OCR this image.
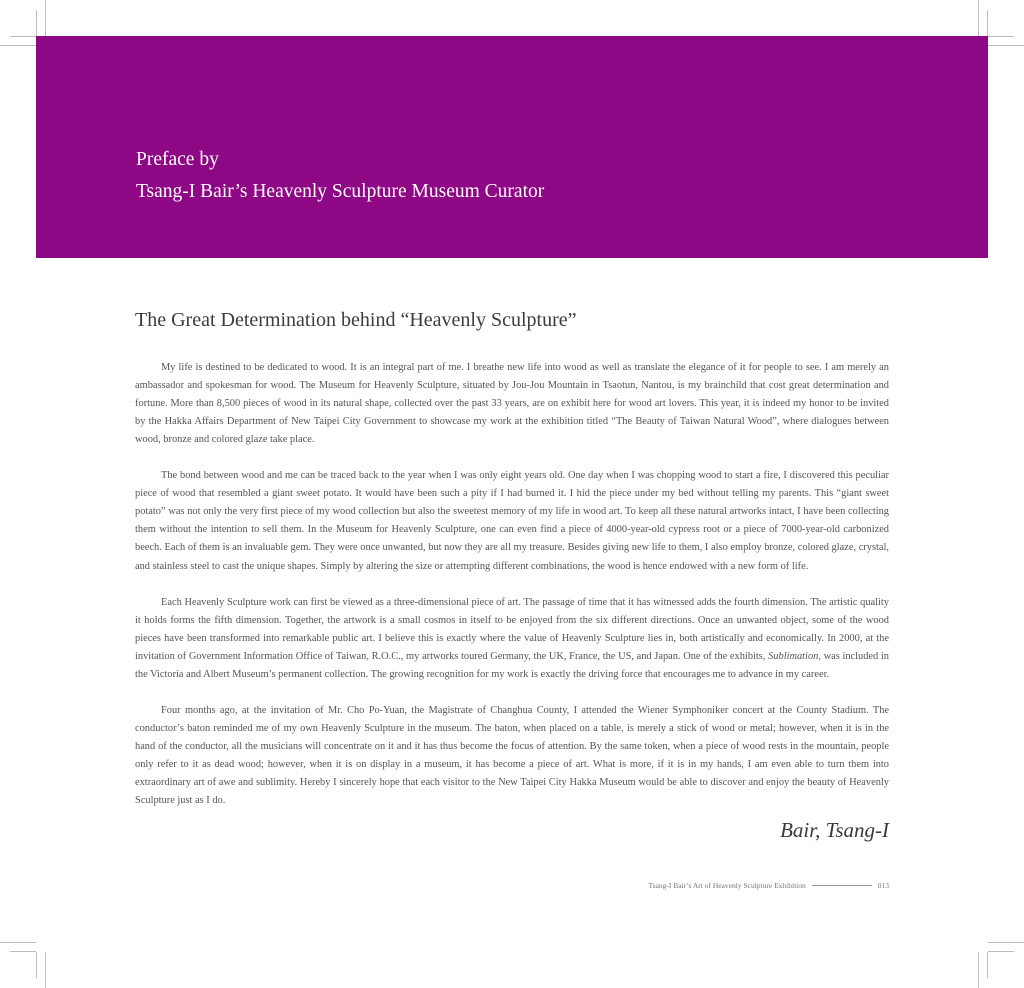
Preface by
Tsang-I Bair’s Heavenly Sculpture Museum Curator
The Great Determination behind “Heavenly Sculpture”

My life is destined to be dedicated to wood. It is an integral part of me. I breathe new life into wood as well as translate the elegance of it for people to see. I am merely an ambassador and spokesman for wood. The Museum for Heavenly Sculpture, situated by Jou-Jou Mountain in Tsaotun, Nantou, is my brainchild that cost great determination and fortune. More than 8,500 pieces of wood in its natural shape, collected over the past 33 years, are on exhibit here for wood art lovers. This year, it is indeed my honor to be invited by the Hakka Affairs Department of New Taipei City Government to showcase my work at the exhibition titled “The Beauty of Taiwan Natural Wood”, where dialogues between wood, bronze and colored glaze take place.

The bond between wood and me can be traced back to the year when I was only eight years old. One day when I was chopping wood to start a fire, I discovered this peculiar piece of wood that resembled a giant sweet potato. It would have been such a pity if I had burned it. I hid the piece under my bed without telling my parents. This “giant sweet potato” was not only the very first piece of my wood collection but also the sweetest memory of my life in wood art. To keep all these natural artworks intact, I have been collecting them without the intention to sell them. In the Museum for Heavenly Sculpture, one can even find a piece of 4000-year-old cypress root or a piece of 7000-year-old carbonized beech. Each of them is an invaluable gem. They were once unwanted, but now they are all my treasure. Besides giving new life to them, I also employ bronze, colored glaze, crystal, and stainless steel to cast the unique shapes. Simply by altering the size or attempting different combinations, the wood is hence endowed with a new form of life.

Each Heavenly Sculpture work can first be viewed as a three-dimensional piece of art. The passage of time that it has witnessed adds the fourth dimension. The artistic quality it holds forms the fifth dimension. Together, the artwork is a small cosmos in itself to be enjoyed from the six different directions. Once an unwanted object, some of the wood pieces have been transformed into remarkable public art. I believe this is exactly where the value of Heavenly Sculpture lies in, both artistically and economically. In 2000, at the invitation of Government Information Office of Taiwan, R.O.C., my artworks toured Germany, the UK, France, the US, and Japan. One of the exhibits, Sublimation, was included in the Victoria and Albert Museum’s permanent collection. The growing recognition for my work is exactly the driving force that encourages me to advance in my career.

Four months ago, at the invitation of Mr. Cho Po-Yuan, the Magistrate of Changhua County, I attended the Wiener Symphoniker concert at the County Stadium. The conductor’s baton reminded me of my own Heavenly Sculpture in the museum. The baton, when placed on a table, is merely a stick of wood or metal; however, when it is in the hand of the conductor, all the musicians will concentrate on it and it has thus become the focus of attention. By the same token, when a piece of wood rests in the mountain, people only refer to it as dead wood; however, when it is on display in a museum, it has become a piece of art. What is more, if it is in my hands, I am even able to turn them into extraordinary art of awe and sublimity. Hereby I sincerely hope that each visitor to the New Taipei City Hakka Museum would be able to discover and enjoy the beauty of Heavenly Sculpture just as I do.

Bair, Tsang-I
Tsang-I Bair’s Art of Heavenly Sculpture Exhibition	013
